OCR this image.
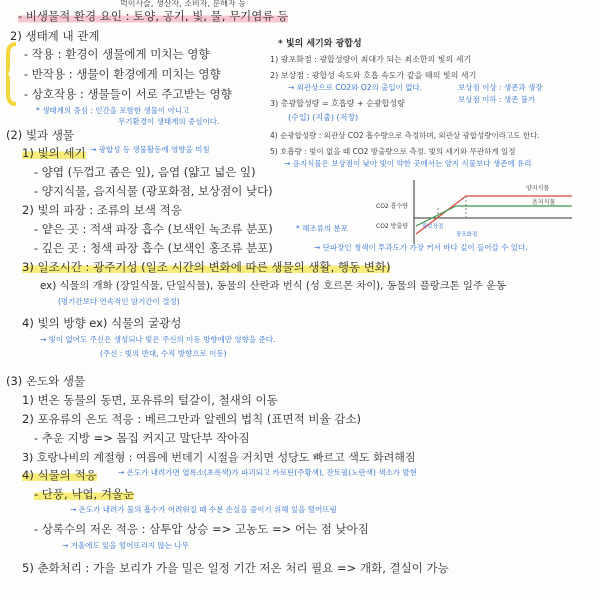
먹이사슬, 생산자, 소비자, 분해자 등
- 비생물적 환경 요인 : 토양, 공기, 빛, 물, 무기염류 등
2) 생태계 내 관계
- 작용 : 환경이 생물에게 미치는 영향
- 반작용 : 생물이 환경에게 미치는 영향
- 상호작용 : 생물들이 서로 주고받는 영향
* 생태계의 중심 : 인간을 포함한 생물이 아니고
무기환경이 생태계의 중심이다.
(2) 빛과 생물
1) 빛의 세기 → 광합성 등 생물활동에 영향을 미침
- 양엽 (두껍고 좁은 잎), 음엽 (얇고 넓은 잎)
- 양지식물, 음지식물 (광포화점, 보상점이 낮다)
2) 빛의 파장 : 조류의 보색 적응
- 얕은 곳 : 적색 파장 흡수 (보색인 녹조류 분포)	* 해조류의 분포
- 깊은 곳 : 청색 파장 흡수 (보색인 홍조류 분포)	→ 단파장인 청색이 투과도가 가장 커서 바다 깊이 들어갈 수 있다.
3) 일조시간 : 광주기성 (일조 시간의 변화에 따른 생물의 생활, 행동 변화)
ex) 식물의 개화 (장일식물, 단일식물), 동물의 산란과 번식 (성 호르몬 차이), 동물의 플랑크톤 일주 운동
(명기간보다 연속적인 암기간이 결정)
4) 빛의 방향 ex) 식물의 굴광성
→ 빛이 없어도 주신은 생성되나 빛은 주신의 이동 방향에만 영향을 준다.
(주신 : 빛의 반대, 수직 방향으로 이동)
(3) 온도와 생물
1) 변온 동물의 동면, 포유류의 털갈이, 철새의 이동
2) 포유류의 온도 적응 : 베르그만과 알렌의 법칙 (표면적 비율 감소)
- 추운 지방 => 몸집 커지고 말단부 작아짐
3) 호랑나비의 계절형 : 여름에 번데기 시절을 거치면 성당도 빠르고 색도 화려해짐
4) 식물의 적응	→ 온도가 내려가면 엽록소(초록색)가 파괴되고 카로틴(주황색), 잔토필(노란색) 색소가 발현
- 단풍, 낙엽, 겨울눈
→ 온도가 내려가 물의 흡수가 어려워질 때 수분 손실을 줄이기 위해 잎을 떨어뜨림
- 상록수의 저온 적응 : 삼투압 상승 => 고농도 => 어는 점 낮아짐
→ 겨울에도 잎을 떨어뜨리지 않는 나무
5) 춘화처리 : 가을 보리가 가을 밀은 일정 기간 저온 처리 필요 => 개화, 결실이 가능
* 빛의 세기와 광합성
1) 광포화점 : 광합성량이 최대가 되는 최소한의 빛의 세기
2) 보상점 : 광합성 속도와 호흡 속도가 같을 때의 빛의 세기
→ 외관상으로 CO2와 O2의 출입이 없다.
3) 총광합성량 = 호흡량 + 순광합성량
(수입) (지출) (저장)
4) 순광합성량 : 외관상 CO2 흡수량으로 측정하며, 외관상 광합성량이라고도 한다.
5) 호흡량 : 빛이 없을 때 CO2 방출량으로 측정. 빛의 세기와 무관하게 일정
→ 음지식물은 보상점이 낮아 빛이 약한 곳에서는 양지 식물보다 생존에 유리
보상점 이상 : 생존과 생장
보상점 이하 : 생존 불가
CO2 흡수량
CO2 방출량
양지식물
음지식물
광보상점
광포화점
